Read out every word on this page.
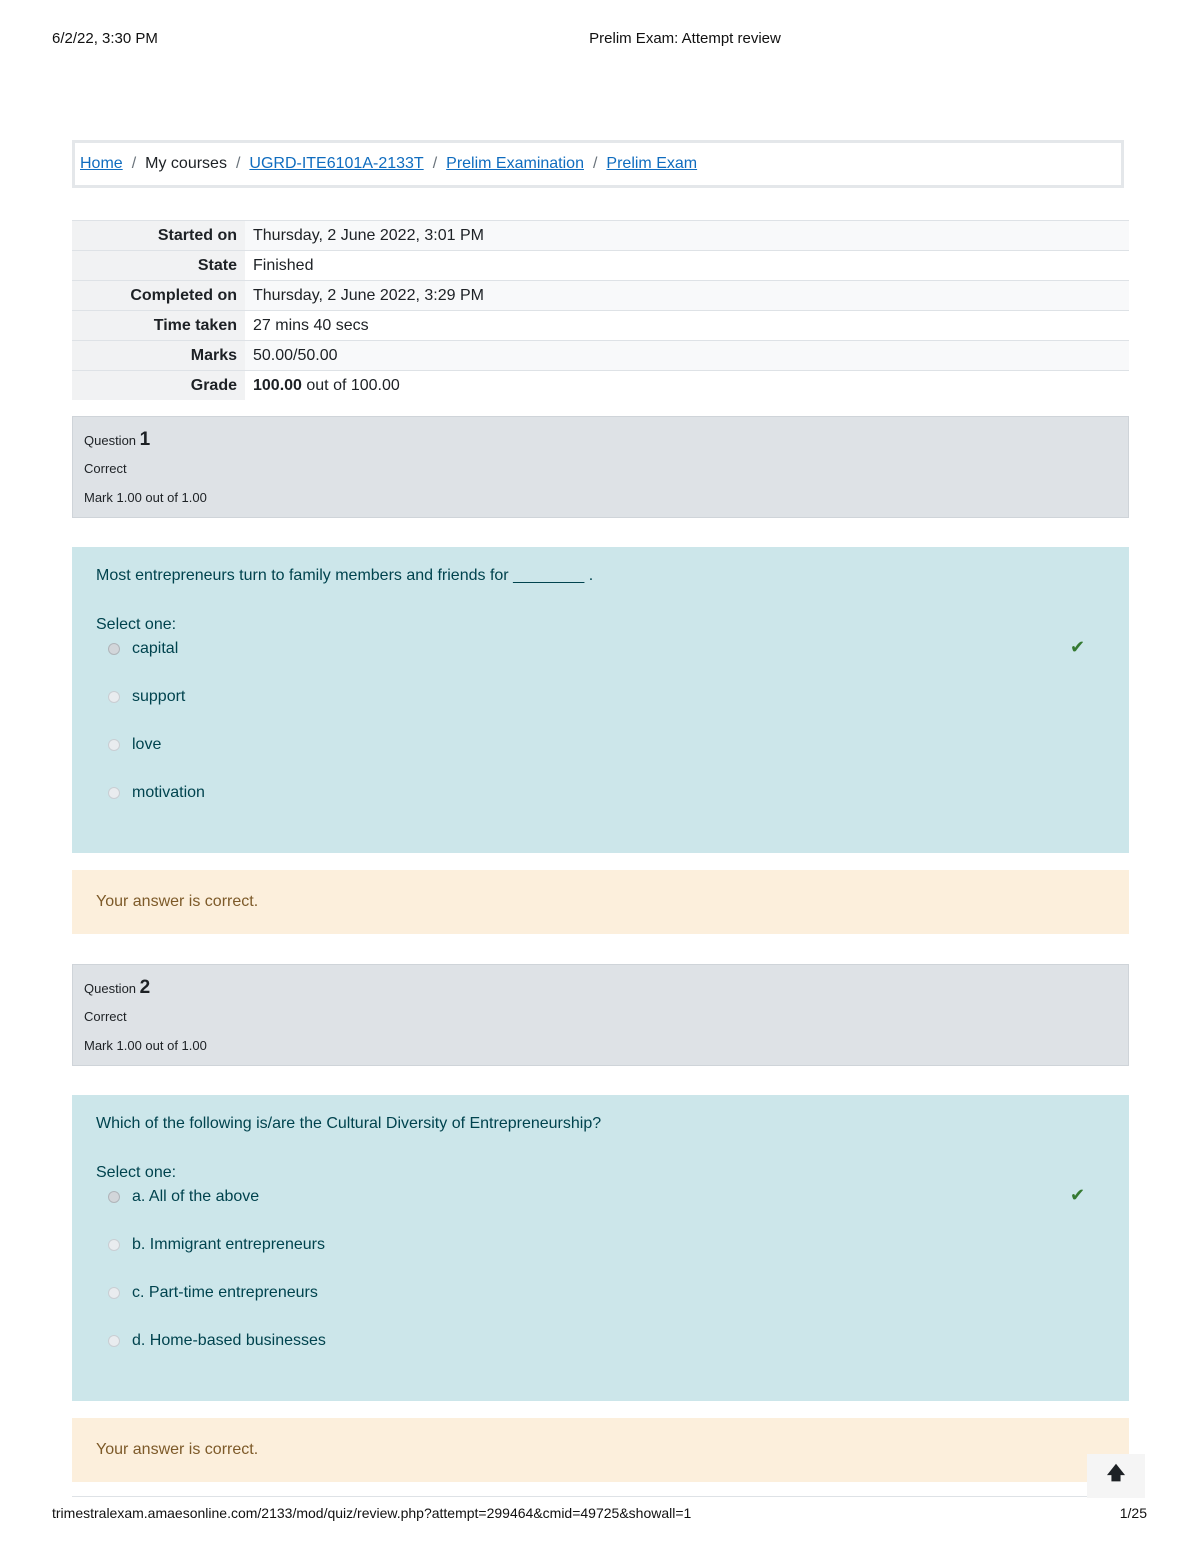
6/2/22, 3:30 PM	Prelim Exam: Attempt review
Home / My courses / UGRD-ITE6101A-2133T / Prelim Examination / Prelim Exam
Started on	Thursday, 2 June 2022, 3:01 PM
State	Finished
Completed on	Thursday, 2 June 2022, 3:29 PM
Time taken	27 mins 40 secs
Marks	50.00/50.00
Grade	100.00 out of 100.00
Question 1
Correct
Mark 1.00 out of 1.00
Most entrepreneurs turn to family members and friends for ________ .
Select one:
capital	✔
support
love
motivation
Your answer is correct.
Question 2
Correct
Mark 1.00 out of 1.00
Which of the following is/are the Cultural Diversity of Entrepreneurship?
Select one:
a. All of the above	✔
b. Immigrant entrepreneurs
c. Part-time entrepreneurs
d. Home-based businesses
Your answer is correct.
🡅
trimestralexam.amaesonline.com/2133/mod/quiz/review.php?attempt=299464&cmid=49725&showall=1	1/25
